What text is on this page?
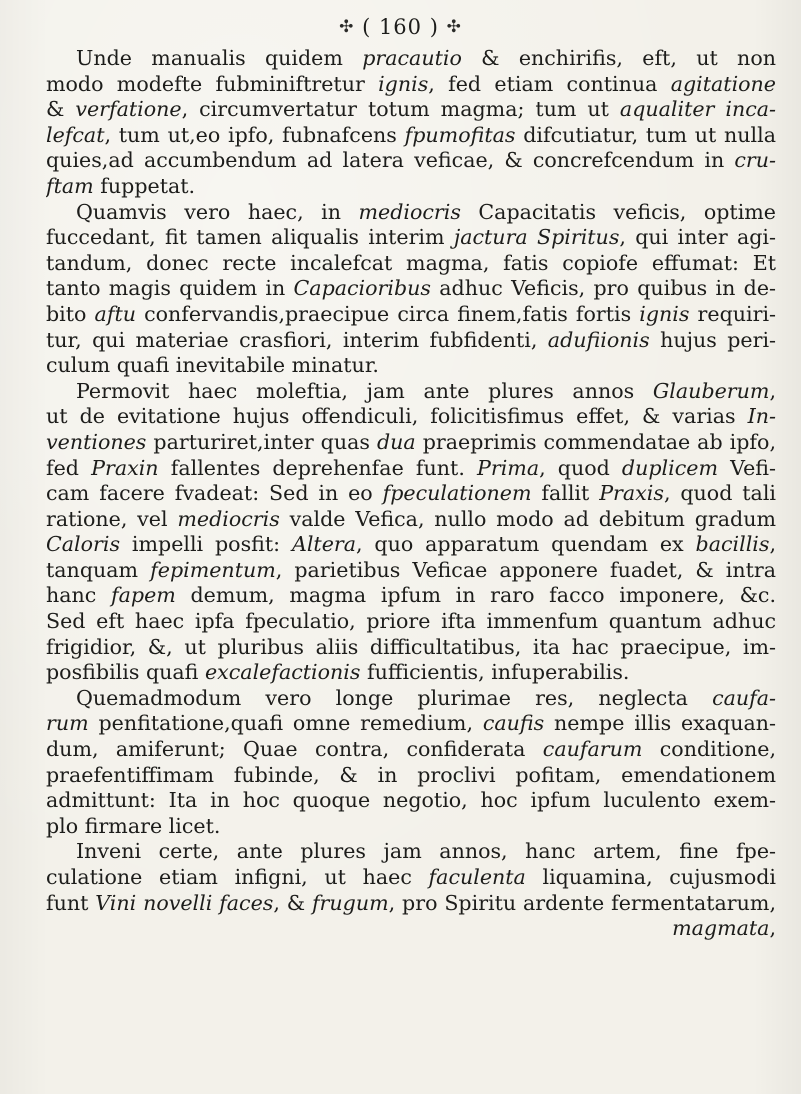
✣ ( 160 ) ✣
Unde manualis quidem pracautio & enchirifis, eft, ut non
modo modefte fubminiftretur ignis, fed etiam continua agitatione
& verfatione, circumvertatur totum magma; tum ut aqualiter inca-
lefcat, tum ut,eo ipfo, fubnafcens fpumofitas difcutiatur, tum ut nulla
quies,ad accumbendum ad latera veficae, & concrefcendum in cru-
ftam fuppetat.
Quamvis vero haec, in mediocris Capacitatis veficis, optime
fuccedant, fit tamen aliqualis interim jactura Spiritus, qui inter agi-
tandum, donec recte incalefcat magma, fatis copiofe effumat: Et
tanto magis quidem in Capacioribus adhuc Veficis, pro quibus in de-
bito aftu confervandis,praecipue circa finem,fatis fortis ignis requiri-
tur, qui materiae crasfiori, interim fubfidenti, adufiionis hujus peri-
culum quafi inevitabile minatur.
Permovit haec moleftia, jam ante plures annos Glauberum,
ut de evitatione hujus offendiculi, folicitisfimus effet, & varias In-
ventiones parturiret,inter quas dua praeprimis commendatae ab ipfo,
fed Praxin fallentes deprehenfae funt. Prima, quod duplicem Vefi-
cam facere fvadeat: Sed in eo fpeculationem fallit Praxis, quod tali
ratione, vel mediocris valde Vefica, nullo modo ad debitum gradum
Caloris impelli posfit: Altera, quo apparatum quendam ex bacillis,
tanquam fepimentum, parietibus Veficae apponere fuadet, & intra
hanc fapem demum, magma ipfum in raro facco imponere, &c.
Sed eft haec ipfa fpeculatio, priore ifta immenfum quantum adhuc
frigidior, &, ut pluribus aliis difficultatibus, ita hac praecipue, im-
posfibilis quafi excalefactionis fufficientis, infuperabilis.
Quemadmodum vero longe plurimae res, neglecta caufa-
rum penfitatione,quafi omne remedium, caufis nempe illis exaquan-
dum, amiferunt; Quae contra, confiderata caufarum conditione,
praefentiffimam fubinde, & in proclivi pofitam, emendationem
admittunt: Ita in hoc quoque negotio, hoc ipfum luculento exem-
plo firmare licet.
Inveni certe, ante plures jam annos, hanc artem, fine fpe-
culatione etiam infigni, ut haec faculenta liquamina, cujusmodi
funt Vini novelli faces, & frugum, pro Spiritu ardente fermentatarum,
magmata,
